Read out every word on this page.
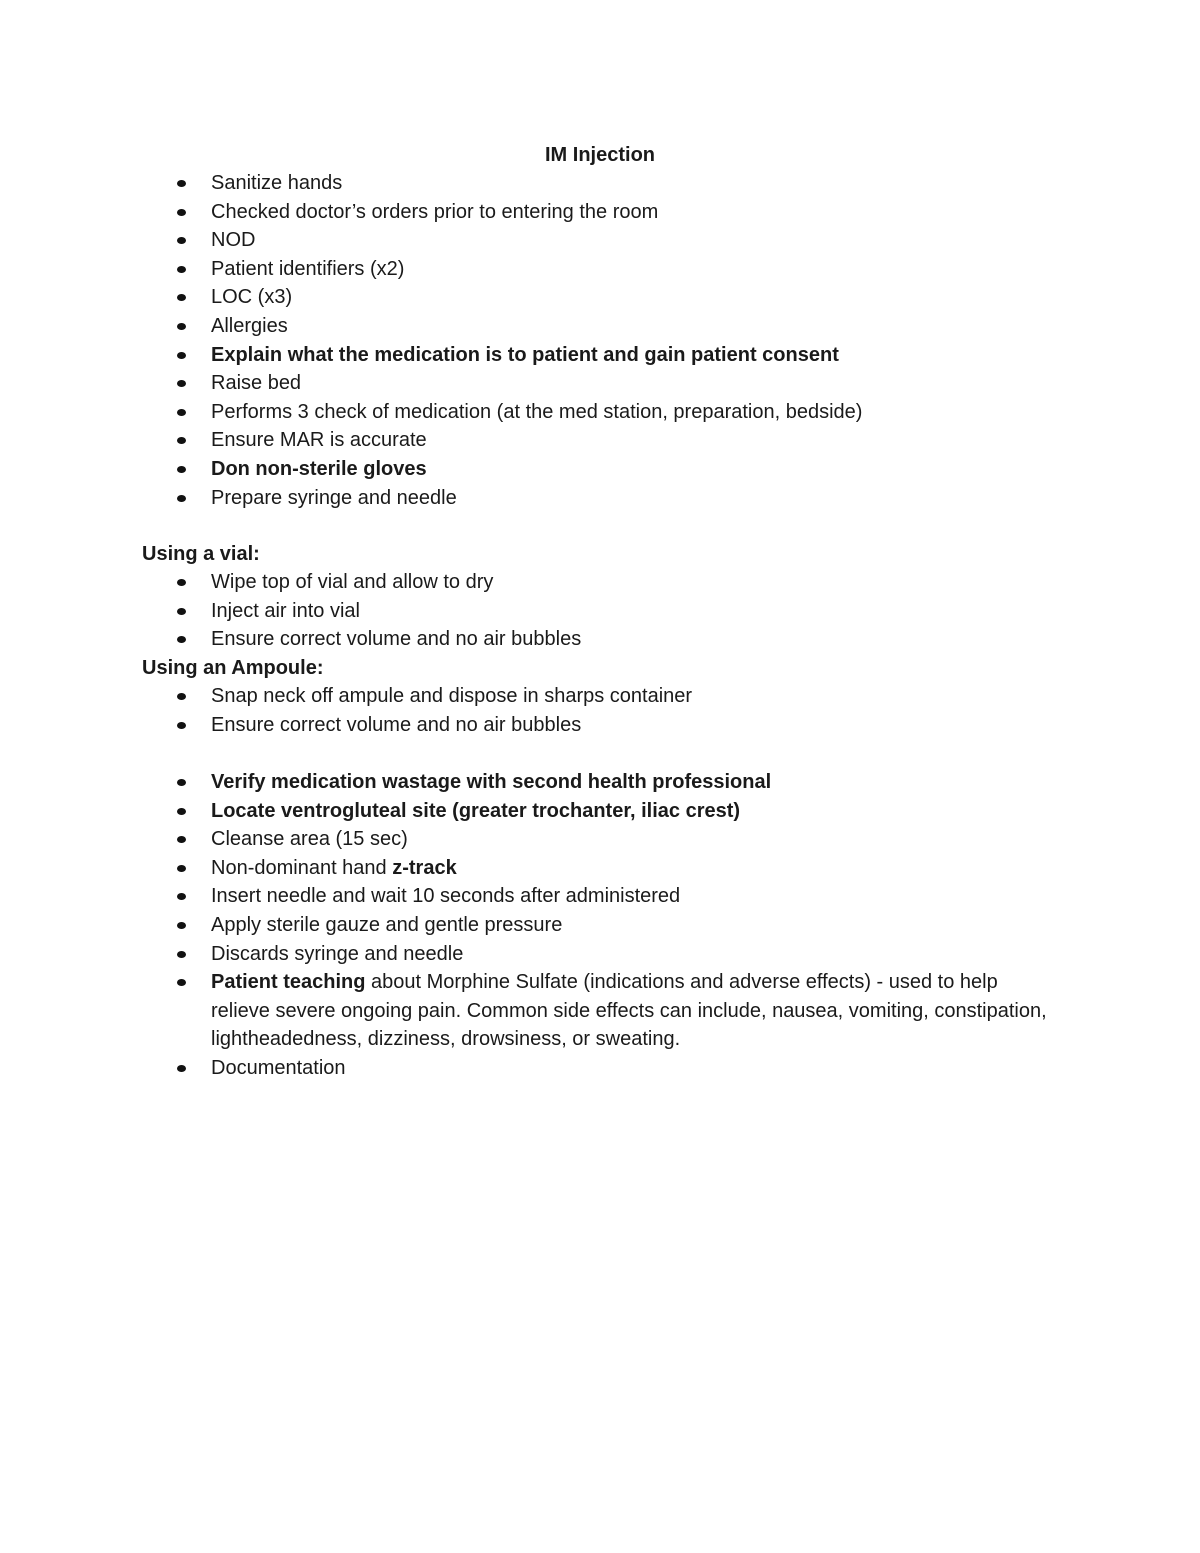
IM Injection
Sanitize hands
Checked doctor’s orders prior to entering the room
NOD
Patient identifiers (x2)
LOC (x3)
Allergies
Explain what the medication is to patient and gain patient consent
Raise bed
Performs 3 check of medication (at the med station, preparation, bedside)
Ensure MAR is accurate
Don non-sterile gloves
Prepare syringe and needle
Using a vial:
Wipe top of vial and allow to dry
Inject air into vial
Ensure correct volume and no air bubbles
Using an Ampoule:
Snap neck off ampule and dispose in sharps container
Ensure correct volume and no air bubbles
Verify medication wastage with second health professional
Locate ventrogluteal site (greater trochanter, iliac crest)
Cleanse area (15 sec)
Non-dominant hand z-track
Insert needle and wait 10 seconds after administered
Apply sterile gauze and gentle pressure
Discards syringe and needle
Patient teaching about Morphine Sulfate (indications and adverse effects) - used to help relieve severe ongoing pain. Common side effects can include, nausea, vomiting, constipation, lightheadedness, dizziness, drowsiness, or sweating.
Documentation
